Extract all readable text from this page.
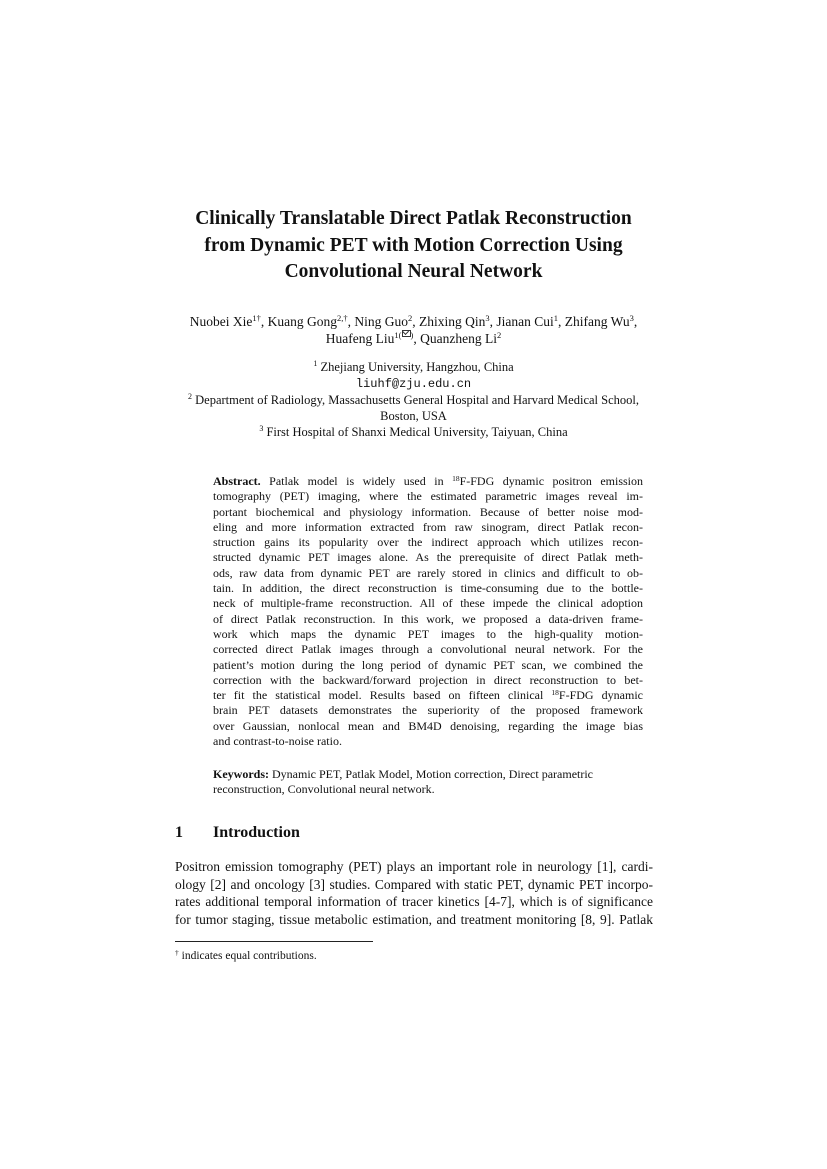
Clinically Translatable Direct Patlak Reconstruction
from Dynamic PET with Motion Correction Using
Convolutional Neural Network
Nuobei Xie$^{1\dagger}$, Kuang Gong$^{2,\dagger}$, Ning Guo$^2$, Zhixing Qin$^3$, Jianan Cui$^1$, Zhifang Wu$^3$,
Huafeng Liu$^{1( )}$, Quanzheng Li$^2$
$^1$ Zhejiang University, Hangzhou, China
liuhf@zju.edu.cn
$^2$ Department of Radiology, Massachusetts General Hospital and Harvard Medical School,
Boston, USA
$^3$ First Hospital of Shanxi Medical University, Taiyuan, China
Abstract. Patlak model is widely used in $^{18}$F-FDG dynamic positron emission
tomography (PET) imaging, where the estimated parametric images reveal im-
portant biochemical and physiology information. Because of better noise mod-
eling and more information extracted from raw sinogram, direct Patlak recon-
struction gains its popularity over the indirect approach which utilizes recon-
structed dynamic PET images alone. As the prerequisite of direct Patlak meth-
ods, raw data from dynamic PET are rarely stored in clinics and difficult to ob-
tain. In addition, the direct reconstruction is time-consuming due to the bottle-
neck of multiple-frame reconstruction. All of these impede the clinical adoption
of direct Patlak reconstruction. In this work, we proposed a data-driven frame-
work which maps the dynamic PET images to the high-quality motion-
corrected direct Patlak images through a convolutional neural network. For the
patient’s motion during the long period of dynamic PET scan, we combined the
correction with the backward/forward projection in direct reconstruction to bet-
ter fit the statistical model. Results based on fifteen clinical $^{18}$F-FDG dynamic
brain PET datasets demonstrates the superiority of the proposed framework
over Gaussian, nonlocal mean and BM4D denoising, regarding the image bias
and contrast-to-noise ratio.
Keywords: Dynamic PET, Patlak Model, Motion correction, Direct parametric
reconstruction, Convolutional neural network.
1 Introduction
Positron emission tomography (PET) plays an important role in neurology [1], cardi-
ology [2] and oncology [3] studies. Compared with static PET, dynamic PET incorpo-
rates additional temporal information of tracer kinetics [4-7], which is of significance
for tumor staging, tissue metabolic estimation, and treatment monitoring [8, 9]. Patlak
† indicates equal contributions.
